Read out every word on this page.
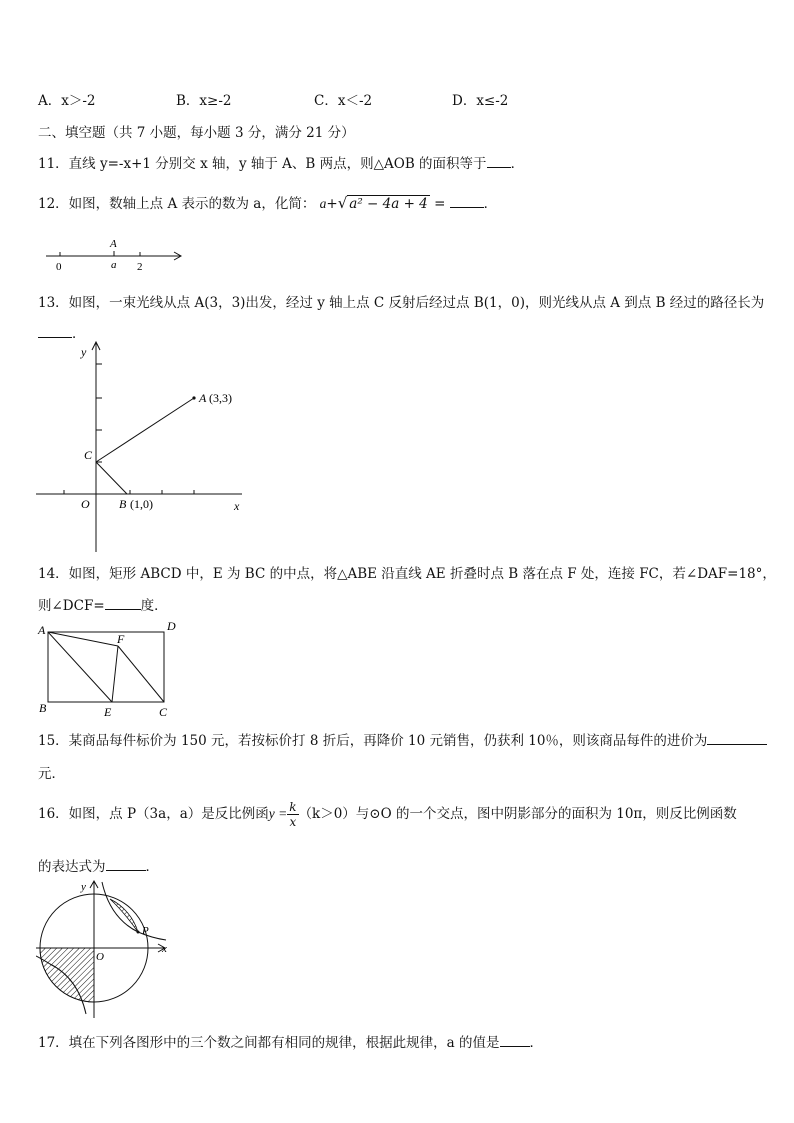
A．x＞-2	B．x≥-2	C．x＜-2	D．x≤-2
二、填空题（共 7 小题，每小题 3 分，满分 21 分）
11．直线 y=-x+1 分别交 x 轴，y 轴于 A、B 两点，则△AOB 的面积等于 ．
12．如图，数轴上点 A 表示的数为 a，化简： a+√ a² − 4a + 4 =	．
A
0	a 2
13．如图，一束光线从点 A(3，3)出发，经过 y 轴上点 C 反射后经过点 B(1，0)，则光线从点 A 到点 B 经过的路径长为
．
y
x
A (3,3)
C
O B (1,0)
14．如图，矩形 ABCD 中，E 为 BC 的中点，将△ABE 沿直线 AE 折叠时点 B 落在点 F 处，连接 FC，若∠DAF=18°，
则∠DCF=	度．
A	D
F
B	E	C
15．某商品每件标价为 150 元，若按标价打 8 折后，再降价 10 元销售，仍获利 10％，则该商品每件的进价为
元．
16．如图，点 P（3a，a）是反比例函$y = \frac{k}{x} (k>0)$与⊙O 的一个交点，图中阴影部分的面积为 10π，则反比例函数
的表达式为	．
y
x
O
P
17．填在下列各图形中的三个数之间都有相同的规律，根据此规律，a 的值是 ．
